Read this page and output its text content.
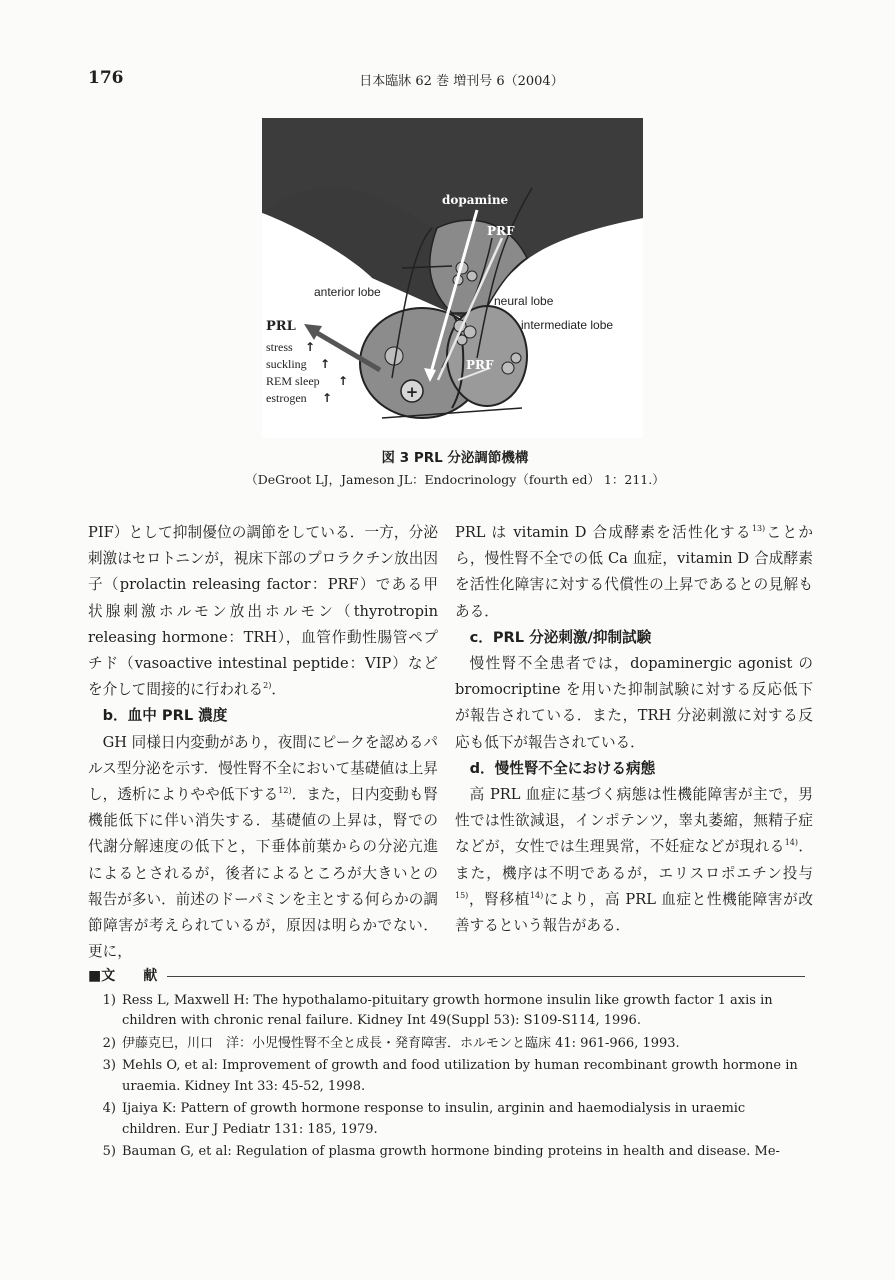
176	日本臨牀 62 巻 増刊号 6（2004）
+
dopamine
PRF
anterior lobe
neural lobe
intermediate lobe
PRL
stress ↑
suckling ↑
REM sleep ↑
estrogen ↑
PRF
図 3 PRL 分泌調節機構
（DeGroot LJ，Jameson JL：Endocrinology（fourth ed） 1：211.）

PIF）として抑制優位の調節をしている．一方，分泌刺激はセロトニンが，視床下部のプロラクチン放出因子（prolactin releasing factor：PRF）である甲状腺刺激ホルモン放出ホルモン（thyrotropin releasing hormone：TRH），血管作動性腸管ペプチド（vasoactive intestinal peptide：VIP）などを介して間接的に行われる$^{2)}$．

b．血中 PRL 濃度

GH 同様日内変動があり，夜間にピークを認めるパルス型分泌を示す．慢性腎不全において基礎値は上昇し，透析によりやや低下する$^{12)}$．また，日内変動も腎機能低下に伴い消失する．基礎値の上昇は，腎での代謝分解速度の低下と，下垂体前葉からの分泌亢進によるとされるが，後者によるところが大きいとの報告が多い．前述のドーパミンを主とする何らかの調節障害が考えられているが，原因は明らかでない．更に，

PRL は vitamin D 合成酵素を活性化する$^{13)}$ことから，慢性腎不全での低 Ca 血症，vitamin D 合成酵素を活性化障害に対する代償性の上昇であるとの見解もある．

c．PRL 分泌刺激/抑制試験

慢性腎不全患者では，dopaminergic agonist の bromocriptine を用いた抑制試験に対する反応低下が報告されている．また，TRH 分泌刺激に対する反応も低下が報告されている．

d．慢性腎不全における病態

高 PRL 血症に基づく病態は性機能障害が主で，男性では性欲減退，インポテンツ，睾丸萎縮，無精子症などが，女性では生理異常，不妊症などが現れる$^{14)}$．また，機序は不明であるが，エリスロポエチン投与$^{15)}$，腎移植$^{14)}$により，高 PRL 血症と性機能障害が改善するという報告がある．

■文　　献
1) Ress L, Maxwell H: The hypothalamo-pituitary growth hormone insulin like growth factor 1 axis in children with chronic renal failure. Kidney Int 49(Suppl 53): S109-S114, 1996.
2) 伊藤克巳，川口　洋：小児慢性腎不全と成長・発育障害．ホルモンと臨床 41: 961-966, 1993.
3) Mehls O, et al: Improvement of growth and food utilization by human recombinant growth hormone in uraemia. Kidney Int 33: 45-52, 1998.
4) Ijaiya K: Pattern of growth hormone response to insulin, arginin and haemodialysis in uraemic children. Eur J Pediatr 131: 185, 1979.
5) Bauman G, et al: Regulation of plasma growth hormone binding proteins in health and disease. Me-
